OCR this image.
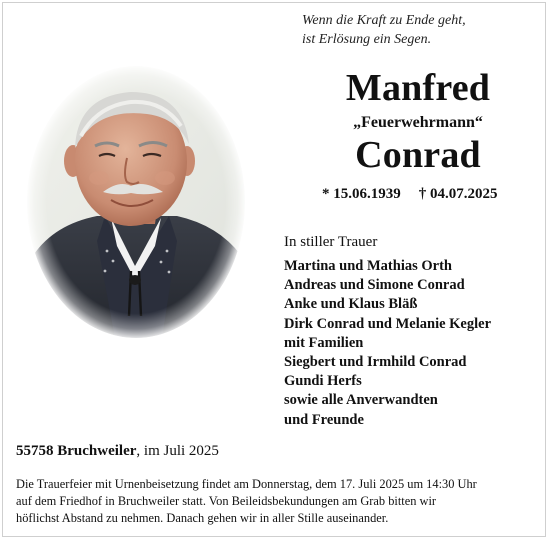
Wenn die Kraft zu Ende geht,
ist Erlösung ein Segen.
Manfred
„Feuerwehrmann“
Conrad
* 15.06.1939 † 04.07.2025
In stiller Trauer
Martina und Mathias Orth
Andreas und Simone Conrad
Anke und Klaus Bläß
Dirk Conrad und Melanie Kegler
mit Familien
Siegbert und Irmhild Conrad
Gundi Herfs
sowie alle Anverwandten
und Freunde
55758 Bruchweiler, im Juli 2025
Die Trauerfeier mit Urnenbeisetzung findet am Donnerstag, dem 17. Juli 2025 um 14:30 Uhr
auf dem Friedhof in Bruchweiler statt. Von Beileidsbekundungen am Grab bitten wir
höflichst Abstand zu nehmen. Danach gehen wir in aller Stille auseinander.
